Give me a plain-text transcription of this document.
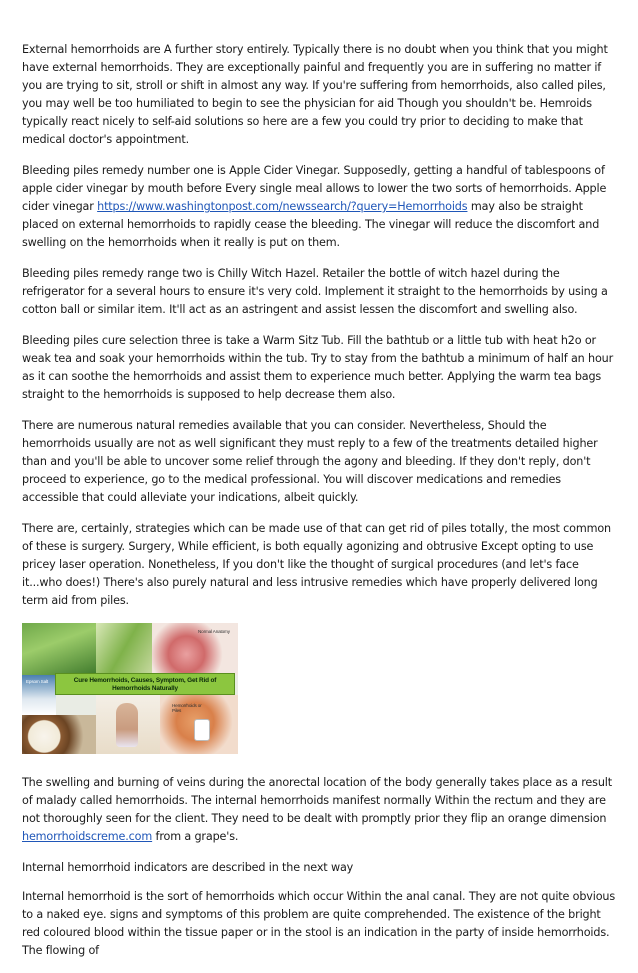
External hemorrhoids are A further story entirely. Typically there is no doubt when you think that you might have external hemorrhoids. They are exceptionally painful and frequently you are in suffering no matter if you are trying to sit, stroll or shift in almost any way. If you're suffering from hemorrhoids, also called piles, you may well be too humiliated to begin to see the physician for aid Though you shouldn't be. Hemroids typically react nicely to self-aid solutions so here are a few you could try prior to deciding to make that medical doctor's appointment.

Bleeding piles remedy number one is Apple Cider Vinegar. Supposedly, getting a handful of tablespoons of apple cider vinegar by mouth before Every single meal allows to lower the two sorts of hemorrhoids. Apple cider vinegar https://www.washingtonpost.com/newssearch/?query=Hemorrhoids may also be straight placed on external hemorrhoids to rapidly cease the bleeding. The vinegar will reduce the discomfort and swelling on the hemorrhoids when it really is put on them.

Bleeding piles remedy range two is Chilly Witch Hazel. Retailer the bottle of witch hazel during the refrigerator for a several hours to ensure it's very cold. Implement it straight to the hemorrhoids by using a cotton ball or similar item. It'll act as an astringent and assist lessen the discomfort and swelling also.

Bleeding piles cure selection three is take a Warm Sitz Tub. Fill the bathtub or a little tub with heat h2o or weak tea and soak your hemorrhoids within the tub. Try to stay from the bathtub a minimum of half an hour as it can soothe the hemorrhoids and assist them to experience much better. Applying the warm tea bags straight to the hemorrhoids is supposed to help decrease them also.

There are numerous natural remedies available that you can consider. Nevertheless, Should the hemorrhoids usually are not as well significant they must reply to a few of the treatments detailed higher than and you'll be able to uncover some relief through the agony and bleeding. If they don't reply, don't proceed to experience, go to the medical professional. You will discover medications and remedies accessible that could alleviate your indications, albeit quickly.

There are, certainly, strategies which can be made use of that can get rid of piles totally, the most common of these is surgery. Surgery, While efficient, is both equally agonizing and obtrusive Except opting to use pricey laser operation. Nonetheless, If you don't like the thought of surgical procedures (and let's face it...who does!) There's also purely natural and less intrusive remedies which have properly delivered long term aid from piles.

Cure Hemorrhoids, Causes, Symptom, Get Rid of Hemorrhoids Naturally
Normal Anatomy
Hemorrhoids or Piles
Epsom Salt

The swelling and burning of veins during the anorectal location of the body generally takes place as a result of malady called hemorrhoids. The internal hemorrhoids manifest normally Within the rectum and they are not thoroughly seen for the client. They need to be dealt with promptly prior they flip an orange dimension hemorrhoidscreme.com from a grape's.

Internal hemorrhoid indicators are described in the next way

Internal hemorrhoid is the sort of hemorrhoids which occur Within the anal canal. They are not quite obvious to a naked eye. signs and symptoms of this problem are quite comprehended. The existence of the bright red coloured blood within the tissue paper or in the stool is an indication in the party of inside hemorrhoids. The flowing of
